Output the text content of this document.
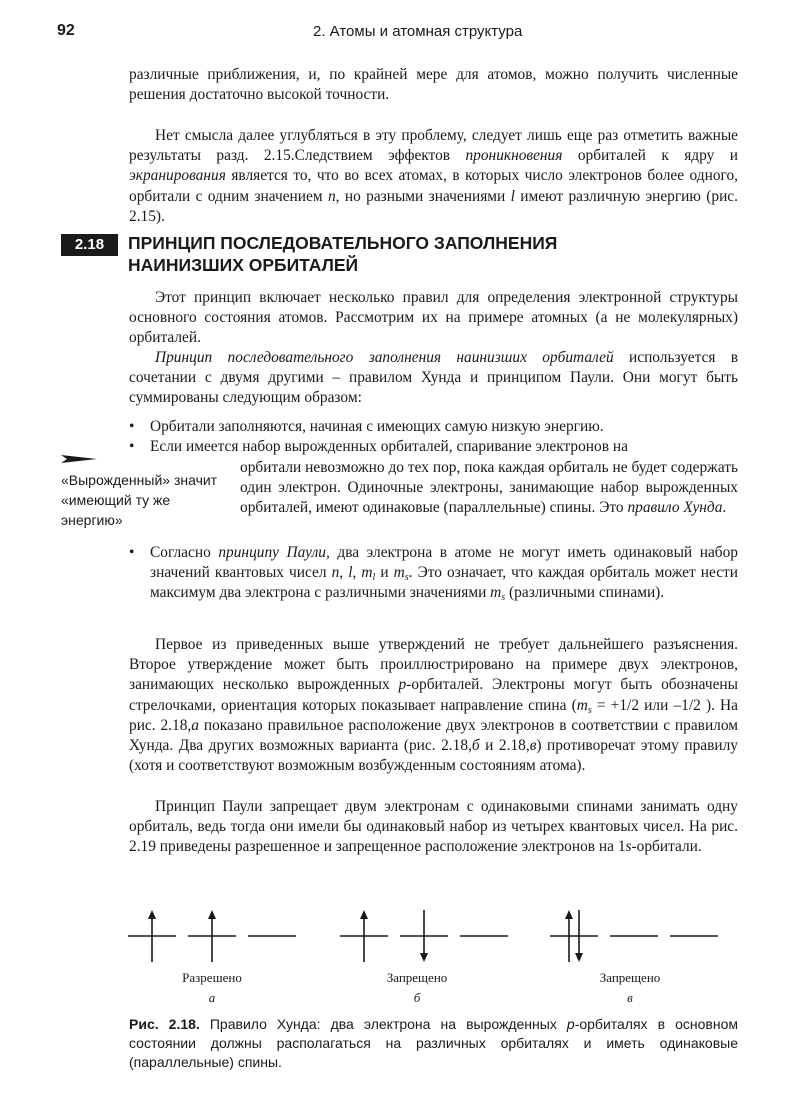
92	2. Атомы и атомная структура

различные приближения, и, по крайней мере для атомов, можно получить численные решения достаточно высокой точности.

Нет смысла далее углубляться в эту проблему, следует лишь еще раз отметить важные результаты разд. 2.15.Следствием эффектов проникновения орбиталей к ядру и экранирования является то, что во всех атомах, в которых число электронов более одного, орбитали с одним значением n, но разными значениями l имеют различную энергию (рис. 2.15).

2.18	ПРИНЦИП ПОСЛЕДОВАТЕЛЬНОГО ЗАПОЛНЕНИЯ
НАИНИЗШИХ ОРБИТАЛЕЙ

Этот принцип включает несколько правил для определения электронной структуры основного состояния атомов. Рассмотрим их на примере атомных (а не молекулярных) орбиталей.

Принцип последовательного заполнения наинизших орбиталей используется в сочетании с двумя другими – правилом Хунда и принципом Паули. Они могут быть суммированы следующим образом:

• Орбитали заполняются, начиная с имеющих самую низкую энергию.
• Если имеется набор вырожденных орбиталей, спаривание электронов на

орбитали невозможно до тех пор, пока каждая орбиталь не будет содержать один электрон. Одиночные электроны, занимающие набор вырожденных орбиталей, имеют одинаковые (параллельные) спины. Это правило Хунда.

«Вырожденный» значит «имеющий ту же энергию»
• Согласно принципу Паули, два электрона в атоме не могут иметь одинаковый набор значений квантовых чисел n, l, $m_l$ и $m_s$. Это означает, что каждая орбиталь может нести максимум два электрона с различными значениями $m_s$ (различными спинами).

Первое из приведенных выше утверждений не требует дальнейшего разъяснения. Второе утверждение может быть проиллюстрировано на примере двух электронов, занимающих несколько вырожденных p-орбиталей. Электроны могут быть обозначены стрелочками, ориентация которых показывает направление спина ($m_s = +1/2$ или –1/2 ). На рис. 2.18,а показано правильное расположение двух электронов в соответствии с правилом Хунда. Два других возможных варианта (рис. 2.18,б и 2.18,в) противоречат этому правилу (хотя и соответствуют возможным возбужденным состояниям атома).

Принцип Паули запрещает двум электронам с одинаковыми спинами занимать одну орбиталь, ведь тогда они имели бы одинаковый набор из четырех квантовых чисел. На рис. 2.19 приведены разрешенное и запрещенное расположение электронов на 1s-орбитали.

Разрешено
а
Запрещено
б
Запрещено
в

Рис. 2.18. Правило Хунда: два электрона на вырожденных p-орбиталях в основном состоянии должны располагаться на различных орбиталях и иметь одинаковые (параллельные) спины.
